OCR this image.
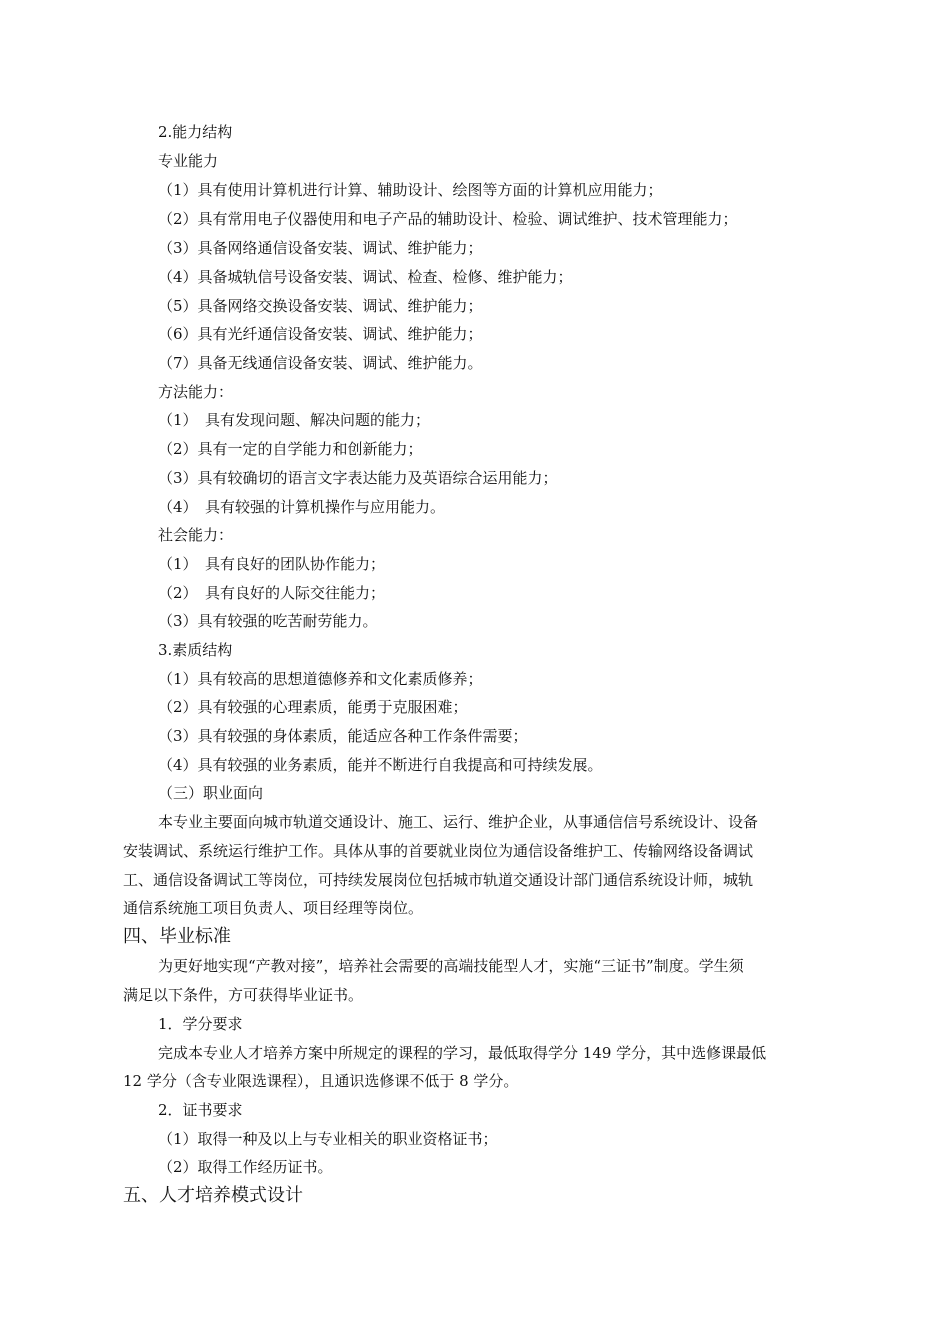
2.能力结构
专业能力
（1）具有使用计算机进行计算、辅助设计、绘图等方面的计算机应用能力；
（2）具有常用电子仪器使用和电子产品的辅助设计、检验、调试维护、技术管理能力；
（3）具备网络通信设备安装、调试、维护能力；
（4）具备城轨信号设备安装、调试、检查、检修、维护能力；
（5）具备网络交换设备安装、调试、维护能力；
（6）具有光纤通信设备安装、调试、维护能力；
（7）具备无线通信设备安装、调试、维护能力。
方法能力：
（1）　具有发现问题、解决问题的能力；
（2）具有一定的自学能力和创新能力；
（3）具有较确切的语言文字表达能力及英语综合运用能力；
（4）　具有较强的计算机操作与应用能力。
社会能力：
（1）　具有良好的团队协作能力；
（2）　具有良好的人际交往能力；
（3）具有较强的吃苦耐劳能力。
3.素质结构
（1）具有较高的思想道德修养和文化素质修养；
（2）具有较强的心理素质，能勇于克服困难；
（3）具有较强的身体素质，能适应各种工作条件需要；
（4）具有较强的业务素质，能并不断进行自我提高和可持续发展。
（三）职业面向
本专业主要面向城市轨道交通设计、施工、运行、维护企业，从事通信信号系统设计、设备
安装调试、系统运行维护工作。具体从事的首要就业岗位为通信设备维护工、传输网络设备调试
工、通信设备调试工等岗位，可持续发展岗位包括城市轨道交通设计部门通信系统设计师，城轨
通信系统施工项目负责人、项目经理等岗位。
四、毕业标准
为更好地实现“产教对接”，培养社会需要的高端技能型人才，实施“三证书”制度。学生须
满足以下条件，方可获得毕业证书。
1．学分要求
完成本专业人才培养方案中所规定的课程的学习，最低取得学分 149 学分，其中选修课最低
12 学分（含专业限选课程），且通识选修课不低于 8 学分。
2．证书要求
（1）取得一种及以上与专业相关的职业资格证书；
（2）取得工作经历证书。
五、人才培养模式设计
